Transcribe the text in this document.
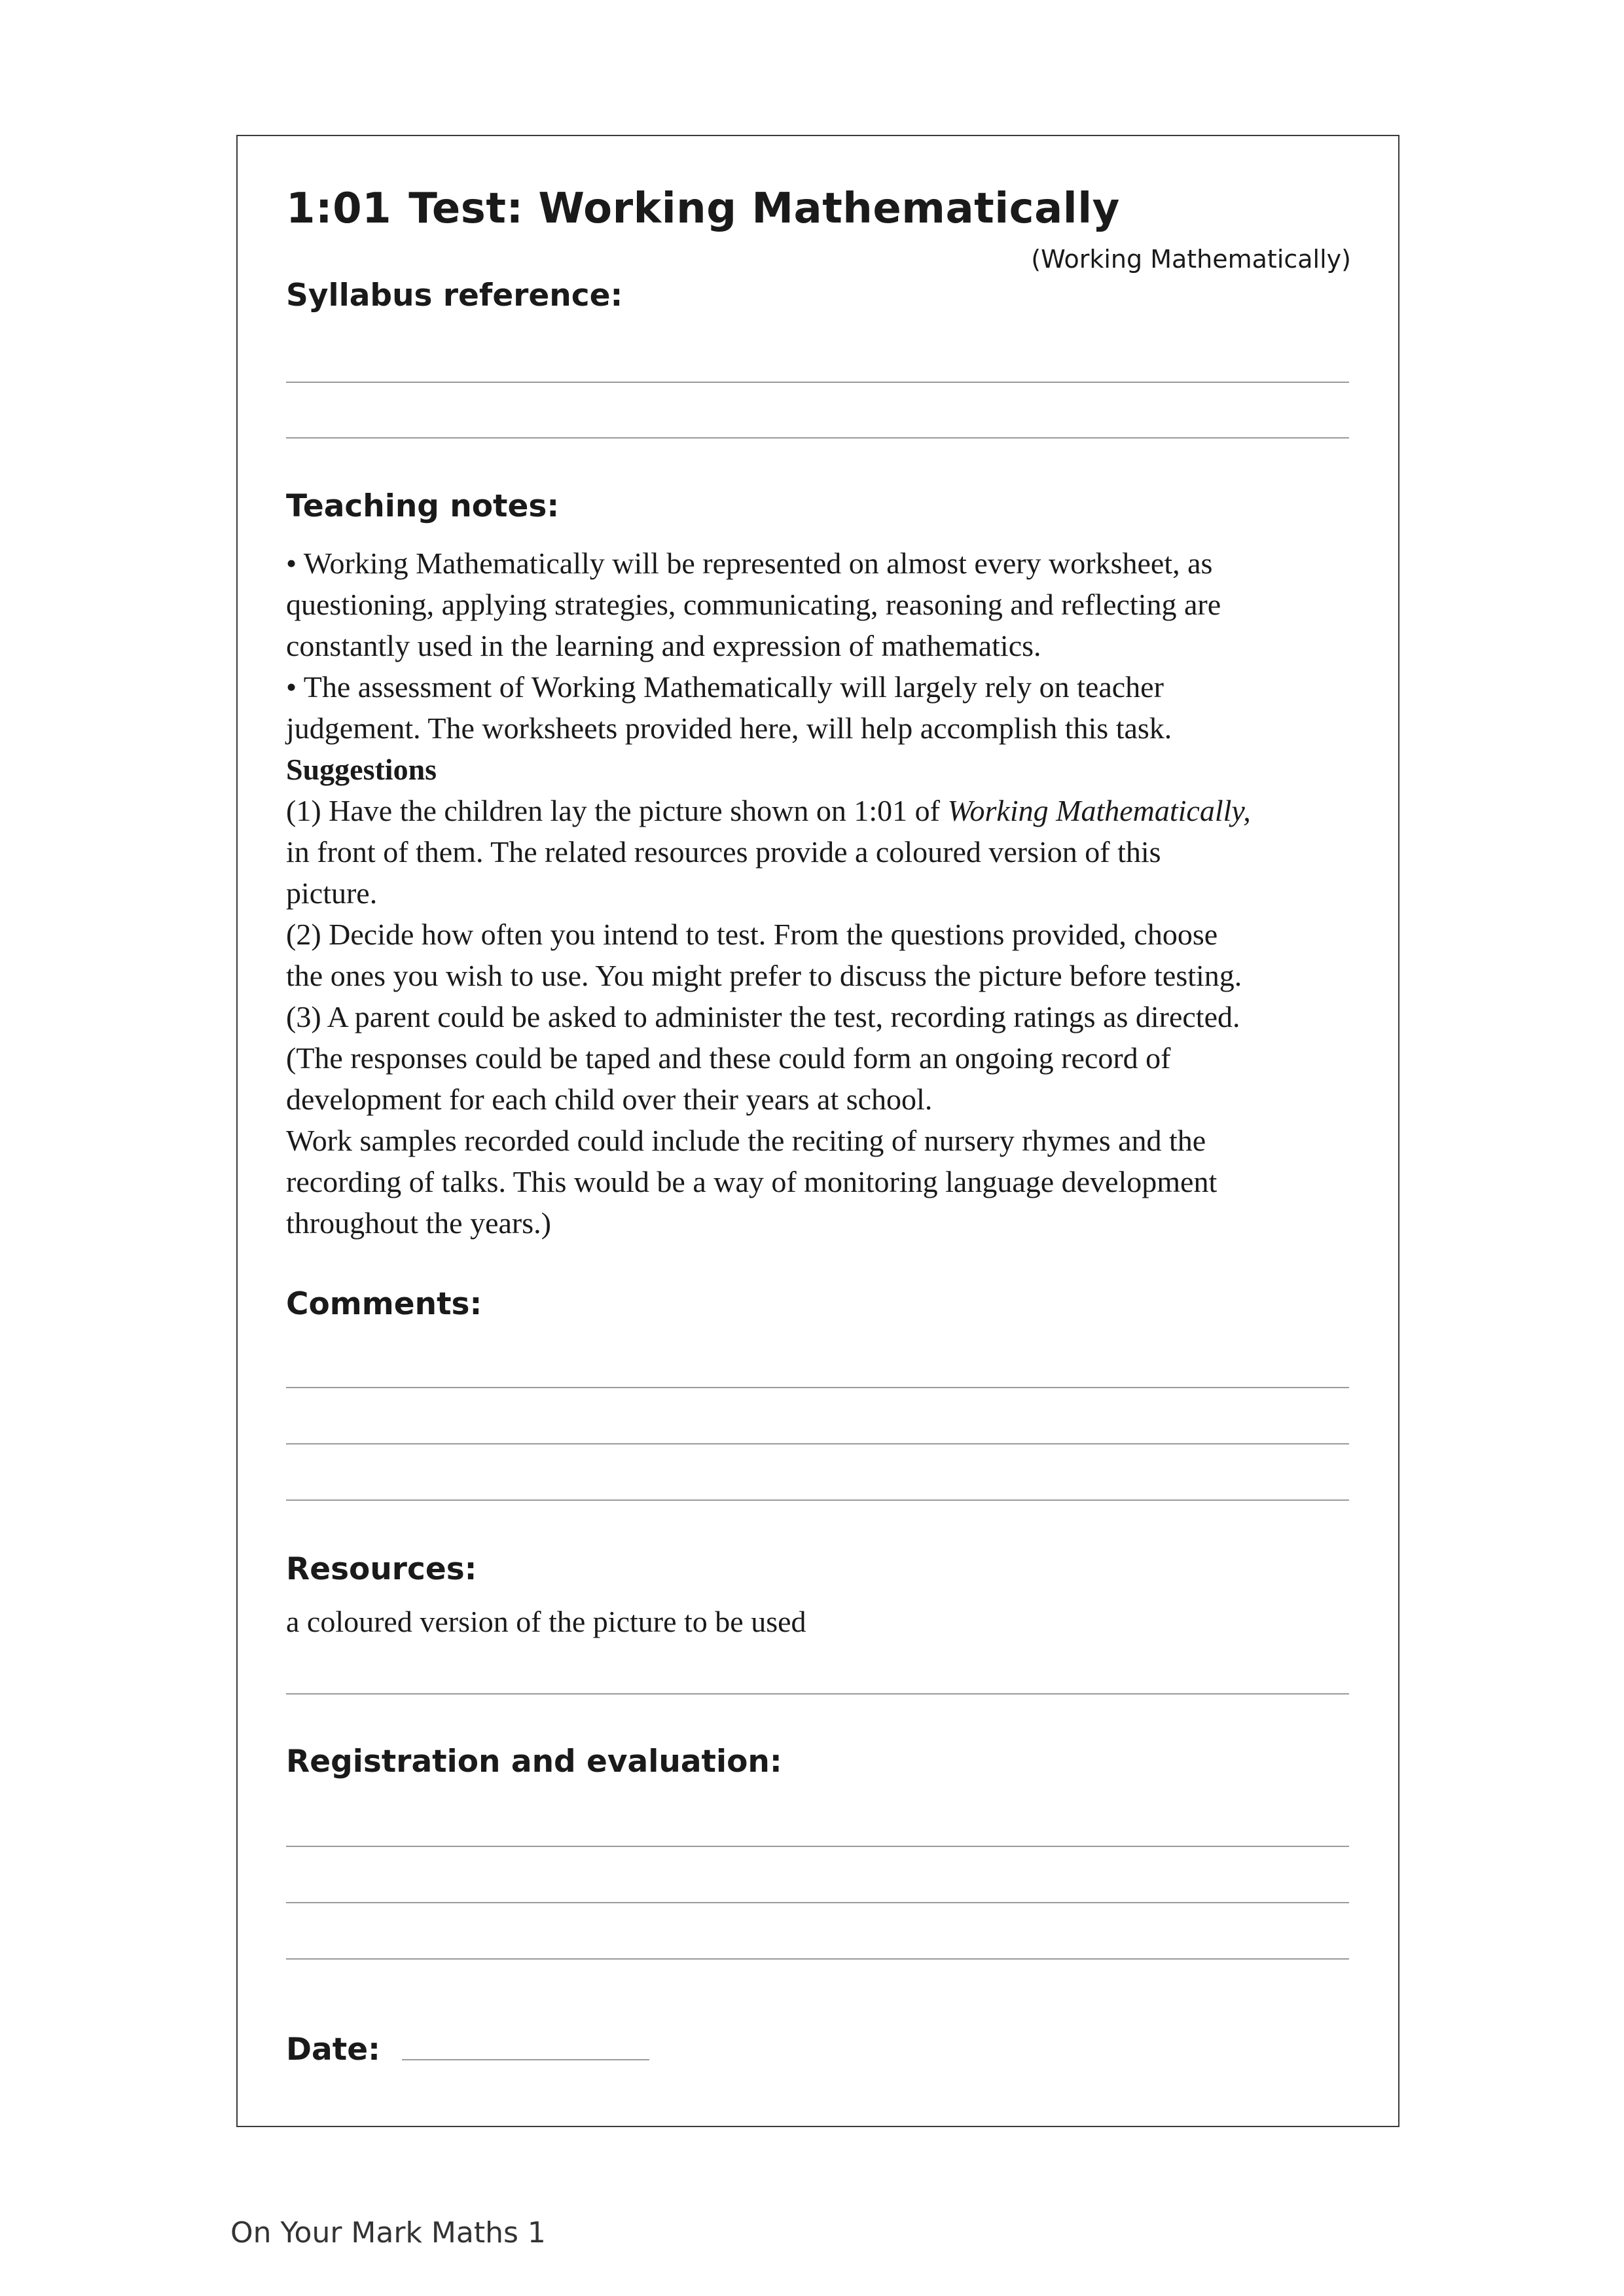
1:01 Test: Working Mathematically
(Working Mathematically)
Syllabus reference:
Teaching notes:

• Working Mathematically will be represented on almost every worksheet, as

questioning, applying strategies, communicating, reasoning and reflecting are

constantly used in the learning and expression of mathematics.

• The assessment of Working Mathematically will largely rely on teacher

judgement. The worksheets provided here, will help accomplish this task.

Suggestions

(1) Have the children lay the picture shown on 1:01 of Working Mathematically,

in front of them. The related resources provide a coloured version of this

picture.

(2) Decide how often you intend to test. From the questions provided, choose

the ones you wish to use. You might prefer to discuss the picture before testing.

(3) A parent could be asked to administer the test, recording ratings as directed.

(The responses could be taped and these could form an ongoing record of

development for each child over their years at school.

Work samples recorded could include the reciting of nursery rhymes and the

recording of talks. This would be a way of monitoring language development

throughout the years.)

Comments:
Resources:
a coloured version of the picture to be used
Registration and evaluation:
Date:
On Your Mark Maths 1
